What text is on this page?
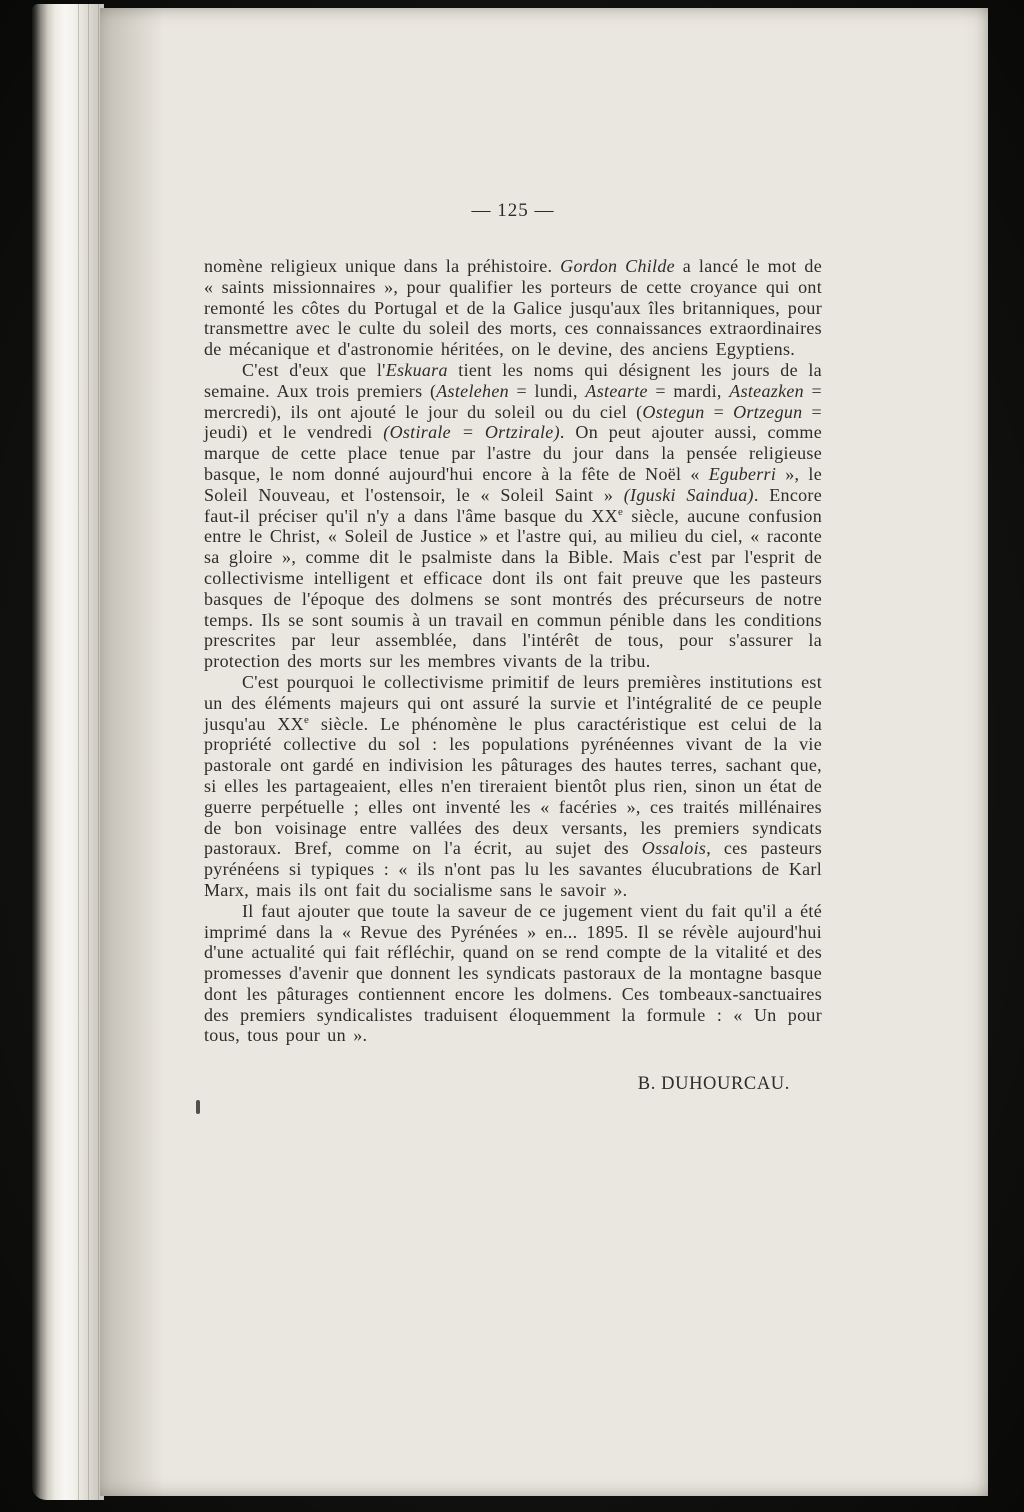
— 125 —

nomène religieux unique dans la préhistoire. Gordon Childe a lancé le mot de « saints missionnaires », pour qualifier les porteurs de cette croyance qui ont remonté les côtes du Portugal et de la Galice jusqu'aux îles britanniques, pour transmettre avec le culte du soleil des morts, ces connaissances extraordinaires de mécanique et d'astronomie héritées, on le devine, des anciens Egyptiens.

C'est d'eux que l'Eskuara tient les noms qui désignent les jours de la semaine. Aux trois premiers (Astelehen = lundi, Astearte = mardi, Asteazken = mercredi), ils ont ajouté le jour du soleil ou du ciel (Ostegun = Ortzegun = jeudi) et le vendredi (Ostirale = Ortzirale). On peut ajouter aussi, comme marque de cette place tenue par l'astre du jour dans la pensée religieuse basque, le nom donné aujourd'hui encore à la fête de Noël « Eguberri », le Soleil Nouveau, et l'ostensoir, le « Soleil Saint » (Iguski Saindua). Encore faut-il préciser qu'il n'y a dans l'âme basque du XXe siècle, aucune confusion entre le Christ, « Soleil de Justice » et l'astre qui, au milieu du ciel, « raconte sa gloire », comme dit le psalmiste dans la Bible. Mais c'est par l'esprit de collectivisme intelligent et efficace dont ils ont fait preuve que les pasteurs basques de l'époque des dolmens se sont montrés des précurseurs de notre temps. Ils se sont soumis à un travail en commun pénible dans les conditions prescrites par leur assemblée, dans l'intérêt de tous, pour s'assurer la protection des morts sur les membres vivants de la tribu.

C'est pourquoi le collectivisme primitif de leurs premières institutions est un des éléments majeurs qui ont assuré la survie et l'intégralité de ce peuple jusqu'au XXe siècle. Le phénomène le plus caractéristique est celui de la propriété collective du sol : les populations pyrénéennes vivant de la vie pastorale ont gardé en indivision les pâturages des hautes terres, sachant que, si elles les partageaient, elles n'en tireraient bientôt plus rien, sinon un état de guerre perpétuelle ; elles ont inventé les « facéries », ces traités millénaires de bon voisinage entre vallées des deux versants, les premiers syndicats pastoraux. Bref, comme on l'a écrit, au sujet des Ossalois, ces pasteurs pyrénéens si typiques : « ils n'ont pas lu les savantes élucubrations de Karl Marx, mais ils ont fait du socialisme sans le savoir ».

Il faut ajouter que toute la saveur de ce jugement vient du fait qu'il a été imprimé dans la « Revue des Pyrénées » en... 1895. Il se révèle aujourd'hui d'une actualité qui fait réfléchir, quand on se rend compte de la vitalité et des promesses d'avenir que donnent les syndicats pastoraux de la montagne basque dont les pâturages contiennent encore les dolmens. Ces tombeaux-sanctuaires des premiers syndicalistes traduisent éloquemment la formule : « Un pour tous, tous pour un ».

B. DUHOURCAU.
